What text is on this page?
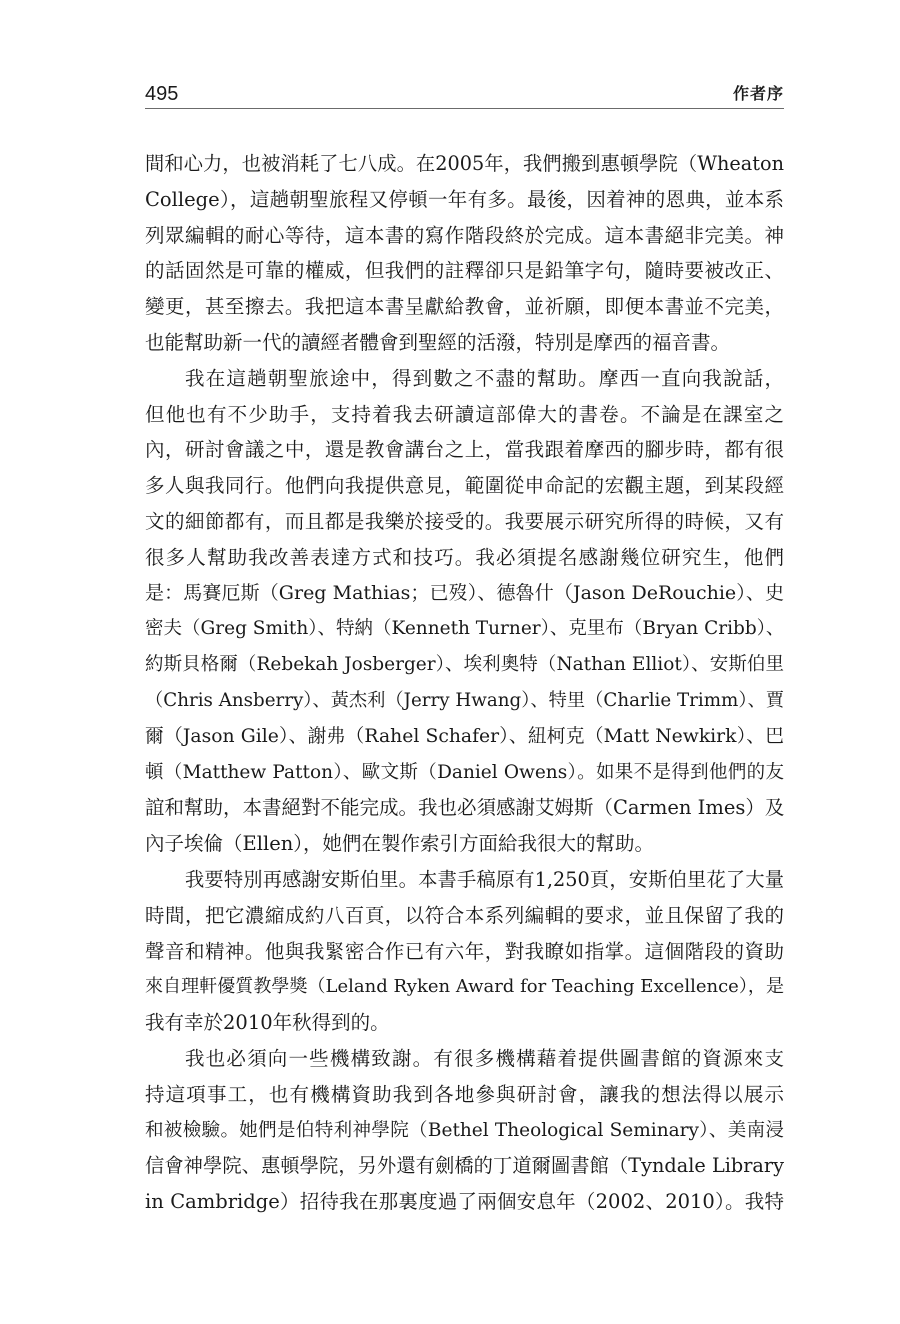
495	作者序
間和心力，也被消耗了七八成。在2005年，我們搬到惠頓學院（Wheaton
College），這趟朝聖旅程又停頓一年有多。最後，因着神的恩典，並本系
列眾編輯的耐心等待，這本書的寫作階段終於完成。這本書絕非完美。神
的話固然是可靠的權威，但我們的註釋卻只是鉛筆字句，隨時要被改正、
變更，甚至擦去。我把這本書呈獻給教會，並祈願，即便本書並不完美，
也能幫助新一代的讀經者體會到聖經的活潑，特別是摩西的福音書。
我在這趟朝聖旅途中，得到數之不盡的幫助。摩西一直向我說話，
但他也有不少助手，支持着我去研讀這部偉大的書卷。不論是在課室之
內，研討會議之中，還是教會講台之上，當我跟着摩西的腳步時，都有很
多人與我同行。他們向我提供意見，範圍從申命記的宏觀主題，到某段經
文的細節都有，而且都是我樂於接受的。我要展示研究所得的時候，又有
很多人幫助我改善表達方式和技巧。我必須提名感謝幾位研究生，他們
是：馬賽厄斯（Greg Mathias；已歿）、德魯什（Jason DeRouchie）、史
密夫（Greg Smith）、特納（Kenneth Turner）、克里布（Bryan Cribb）、
約斯貝格爾（Rebekah Josberger）、埃利奧特（Nathan Elliot）、安斯伯里
（Chris Ansberry）、黃杰利（Jerry Hwang）、特里（Charlie Trimm）、賈
爾（Jason Gile）、謝弗（Rahel Schafer）、紐柯克（Matt Newkirk）、巴
頓（Matthew Patton）、歐文斯（Daniel Owens）。如果不是得到他們的友
誼和幫助，本書絕對不能完成。我也必須感謝艾姆斯（Carmen Imes）及
內子埃倫（Ellen），她們在製作索引方面給我很大的幫助。
我要特別再感謝安斯伯里。本書手稿原有1,250頁，安斯伯里花了大量
時間，把它濃縮成約八百頁，以符合本系列編輯的要求，並且保留了我的
聲音和精神。他與我緊密合作已有六年，對我瞭如指掌。這個階段的資助
來自理軒優質教學獎（Leland Ryken Award for Teaching Excellence），是
我有幸於2010年秋得到的。
我也必須向一些機構致謝。有很多機構藉着提供圖書館的資源來支
持這項事工，也有機構資助我到各地參與研討會，讓我的想法得以展示
和被檢驗。她們是伯特利神學院（Bethel Theological Seminary）、美南浸
信會神學院、惠頓學院，另外還有劍橋的丁道爾圖書館（Tyndale Library
in Cambridge）招待我在那裏度過了兩個安息年（2002、2010）。我特
